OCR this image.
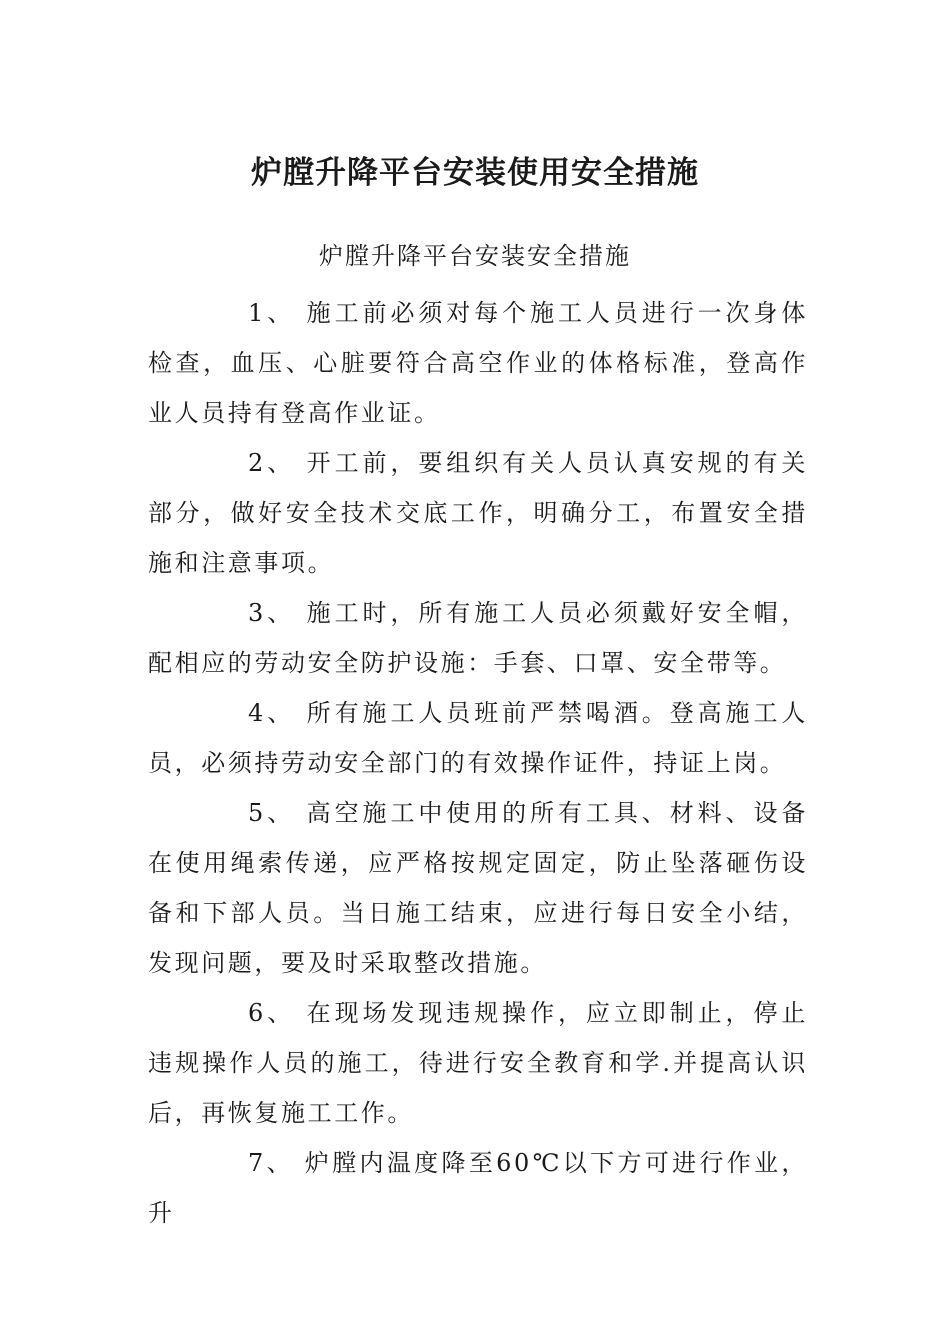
炉膛升降平台安装使用安全措施
炉膛升降平台安装安全措施

1、 施工前必须对每个施工人员进行一次身体检查，血压、心脏要符合高空作业的体格标准，登高作业人员持有登高作业证。

2、 开工前，要组织有关人员认真安规的有关部分，做好安全技术交底工作，明确分工，布置安全措施和注意事项。

3、 施工时，所有施工人员必须戴好安全帽，配相应的劳动安全防护设施：手套、口罩、安全带等。

4、 所有施工人员班前严禁喝酒。登高施工人员，必须持劳动安全部门的有效操作证件，持证上岗。

5、 高空施工中使用的所有工具、材料、设备在使用绳索传递，应严格按规定固定，防止坠落砸伤设备和下部人员。当日施工结束，应进行每日安全小结，发现问题，要及时采取整改措施。

6、 在现场发现违规操作，应立即制止，停止违规操作人员的施工，待进行安全教育和学.并提高认识后，再恢复施工工作。

7、 炉膛内温度降至60℃以下方可进行作业，升
